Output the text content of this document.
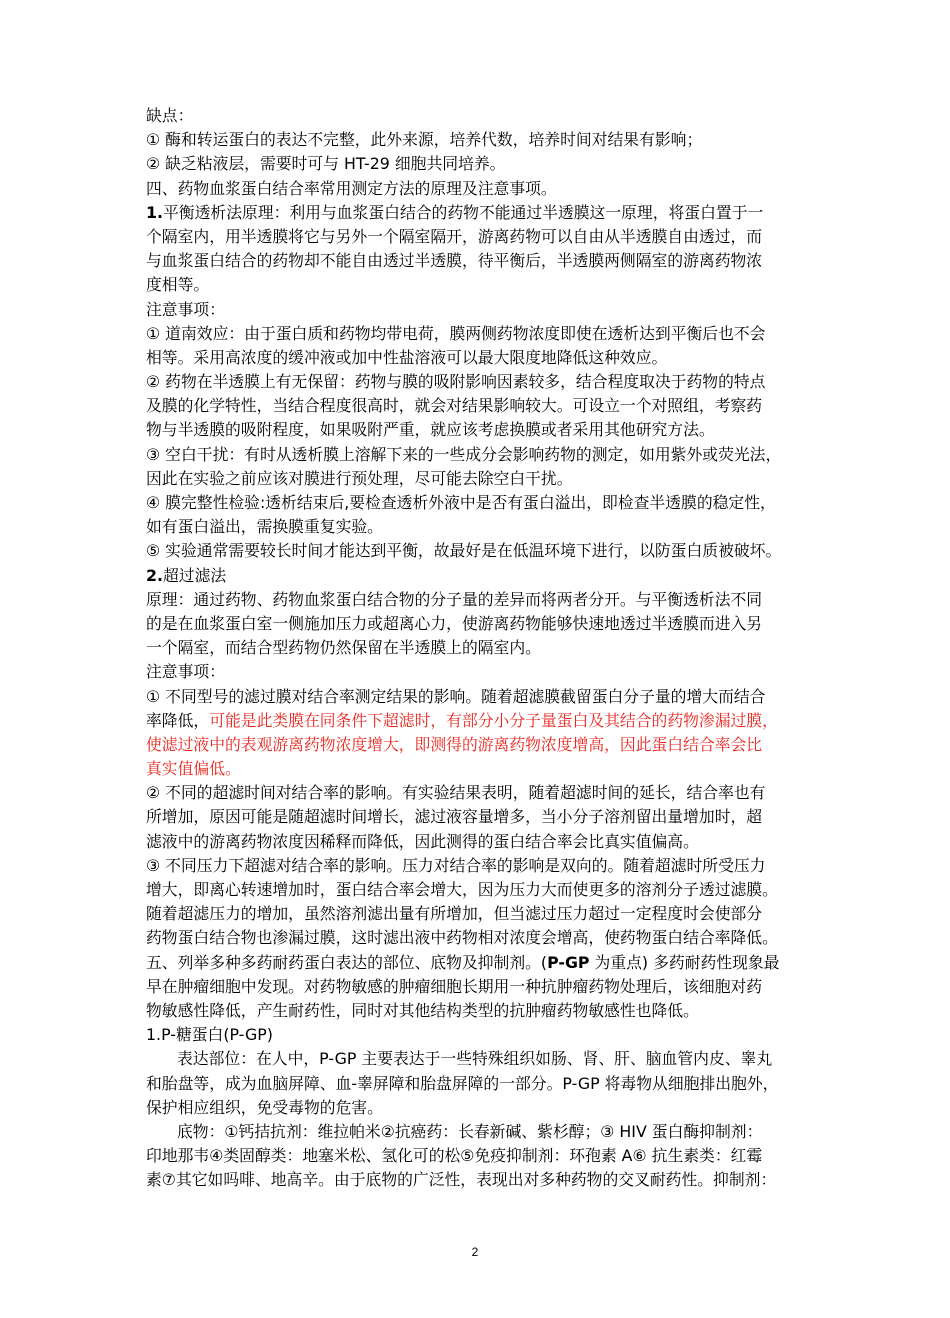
缺点：
① 酶和转运蛋白的表达不完整，此外来源，培养代数，培养时间对结果有影响；
② 缺乏粘液层，需要时可与 HT-29 细胞共同培养。
四、药物血浆蛋白结合率常用测定方法的原理及注意事项。
1.平衡透析法原理：利用与血浆蛋白结合的药物不能通过半透膜这一原理，将蛋白置于一
个隔室内，用半透膜将它与另外一个隔室隔开，游离药物可以自由从半透膜自由透过，而
与血浆蛋白结合的药物却不能自由透过半透膜，待平衡后，半透膜两侧隔室的游离药物浓
度相等。
注意事项：
① 道南效应：由于蛋白质和药物均带电荷，膜两侧药物浓度即使在透析达到平衡后也不会
相等。采用高浓度的缓冲液或加中性盐溶液可以最大限度地降低这种效应。
② 药物在半透膜上有无保留：药物与膜的吸附影响因素较多，结合程度取决于药物的特点
及膜的化学特性，当结合程度很高时，就会对结果影响较大。可设立一个对照组，考察药
物与半透膜的吸附程度，如果吸附严重，就应该考虑换膜或者采用其他研究方法。
③ 空白干扰：有时从透析膜上溶解下来的一些成分会影响药物的测定，如用紫外或荧光法，
因此在实验之前应该对膜进行预处理，尽可能去除空白干扰。
④ 膜完整性检验:透析结束后,要检查透析外液中是否有蛋白溢出，即检查半透膜的稳定性，
如有蛋白溢出，需换膜重复实验。
⑤ 实验通常需要较长时间才能达到平衡，故最好是在低温环境下进行，以防蛋白质被破坏。
2.超过滤法
原理：通过药物、药物血浆蛋白结合物的分子量的差异而将两者分开。与平衡透析法不同
的是在血浆蛋白室一侧施加压力或超离心力，使游离药物能够快速地透过半透膜而进入另
一个隔室，而结合型药物仍然保留在半透膜上的隔室内。
注意事项：
① 不同型号的滤过膜对结合率测定结果的影响。随着超滤膜截留蛋白分子量的增大而结合
率降低，可能是此类膜在同条件下超滤时，有部分小分子量蛋白及其结合的药物渗漏过膜，
使滤过液中的表观游离药物浓度增大，即测得的游离药物浓度增高，因此蛋白结合率会比
真实值偏低。
② 不同的超滤时间对结合率的影响。有实验结果表明，随着超滤时间的延长，结合率也有
所增加，原因可能是随超滤时间增长，滤过液容量增多，当小分子溶剂留出量增加时，超
滤液中的游离药物浓度因稀释而降低，因此测得的蛋白结合率会比真实值偏高。
③ 不同压力下超滤对结合率的影响。压力对结合率的影响是双向的。随着超滤时所受压力
增大，即离心转速增加时，蛋白结合率会增大，因为压力大而使更多的溶剂分子透过滤膜。
随着超滤压力的增加，虽然溶剂滤出量有所增加，但当滤过压力超过一定程度时会使部分
药物蛋白结合物也渗漏过膜，这时滤出液中药物相对浓度会增高，使药物蛋白结合率降低。
五、列举多种多药耐药蛋白表达的部位、底物及抑制剂。(P-GP 为重点) 多药耐药性现象最
早在肿瘤细胞中发现。对药物敏感的肿瘤细胞长期用一种抗肿瘤药物处理后，该细胞对药
物敏感性降低，产生耐药性，同时对其他结构类型的抗肿瘤药物敏感性也降低。
1.P-糖蛋白(P-GP)
表达部位：在人中，P-GP 主要表达于一些特殊组织如肠、肾、肝、脑血管内皮、睾丸
和胎盘等，成为血脑屏障、血-睾屏障和胎盘屏障的一部分。P-GP 将毒物从细胞排出胞外，
保护相应组织，免受毒物的危害。
底物：①钙拮抗剂：维拉帕米②抗癌药：长春新碱、紫杉醇；③ HIV 蛋白酶抑制剂：
印地那韦④类固醇类：地塞米松、氢化可的松⑤免疫抑制剂：环孢素 A⑥ 抗生素类：红霉
素⑦其它如吗啡、地高辛。由于底物的广泛性，表现出对多种药物的交叉耐药性。抑制剂：
2
